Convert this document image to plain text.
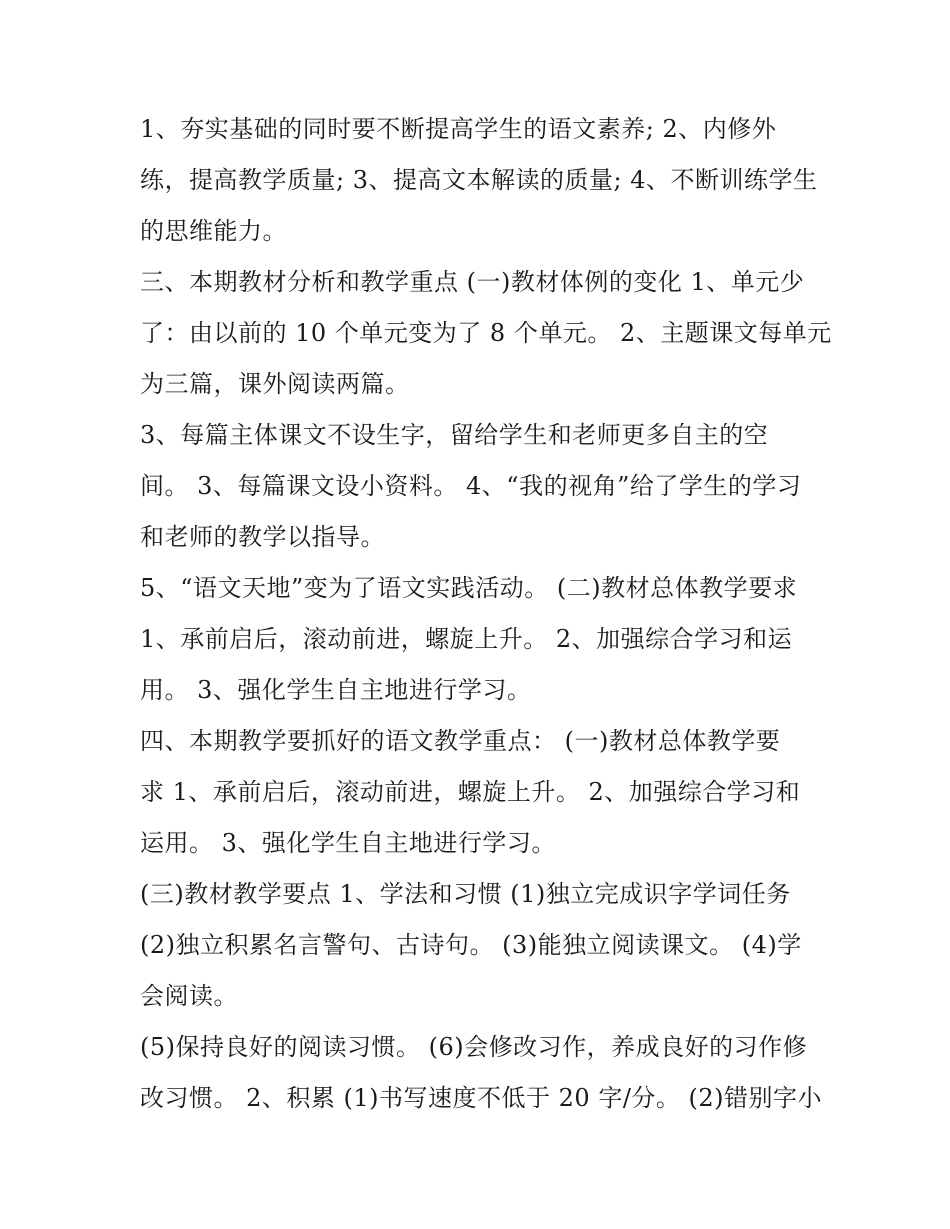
1、夯实基础的同时要不断提高学生的语文素养; 2、内修外
练，提高教学质量; 3、提高文本解读的质量; 4、不断训练学生
的思维能力。
三、本期教材分析和教学重点 (一)教材体例的变化 1、单元少
了：由以前的 10 个单元变为了 8 个单元。 2、主题课文每单元
为三篇，课外阅读两篇。
3、每篇主体课文不设生字，留给学生和老师更多自主的空
间。 3、每篇课文设小资料。 4、“我的视角”给了学生的学习
和老师的教学以指导。
5、“语文天地”变为了语文实践活动。 (二)教材总体教学要求
1、承前启后，滚动前进，螺旋上升。 2、加强综合学习和运
用。 3、强化学生自主地进行学习。
四、本期教学要抓好的语文教学重点： (一)教材总体教学要
求 1、承前启后，滚动前进，螺旋上升。 2、加强综合学习和
运用。 3、强化学生自主地进行学习。
(三)教材教学要点 1、学法和习惯 (1)独立完成识字学词任务
(2)独立积累名言警句、古诗句。 (3)能独立阅读课文。 (4)学
会阅读。
(5)保持良好的阅读习惯。 (6)会修改习作，养成良好的习作修
改习惯。 2、积累 (1)书写速度不低于 20 字/分。 (2)错别字小
